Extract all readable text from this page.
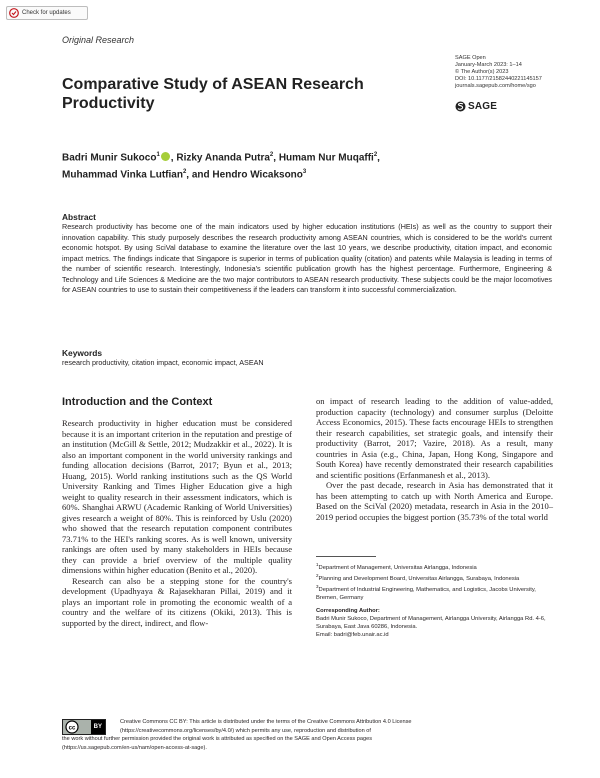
Check for updates
Original Research
SAGE Open
January-March 2023: 1–14
© The Author(s) 2023
DOI: 10.1177/21582440221145157
journals.sagepub.com/home/sgo
SAGE
Comparative Study of ASEAN Research
Productivity
Badri Munir Sukoco$^1$ , Rizky Ananda Putra$^2$, Humam Nur Muqaffi$^2$,
Muhammad Vinka Lutfian$^2$, and Hendro Wicaksono$^3$
Abstract
Research productivity has become one of the main indicators used by higher education institutions (HEIs) as well as the country to support their innovation capability. This study purposely describes the research productivity among ASEAN countries, which is considered to be the world's current economic hotspot. By using SciVal database to examine the literature over the last 10 years, we describe productivity, citation impact, and economic impact metrics. The findings indicate that Singapore is superior in terms of publication quality (citation) and patents while Malaysia is leading in terms of the number of scientific research. Interestingly, Indonesia's scientific publication growth has the highest percentage. Furthermore, Engineering & Technology and Life Sciences & Medicine are the two major contributors to ASEAN research productivity. These subjects could be the major locomotives for ASEAN countries to use to sustain their competitiveness if the leaders can transform it into successful commercialization.
Keywords
research productivity, citation impact, economic impact, ASEAN
Introduction and the Context

Research productivity in higher education must be considered because it is an important criterion in the reputation and prestige of an institution (McGill & Settle, 2012; Mudzakkir et al., 2022). It is also an important component in the world university rankings and funding allocation decisions (Barrot, 2017; Byun et al., 2013; Huang, 2015). World ranking institutions such as the QS World University Ranking and Times Higher Education give a high weight to quality research in their assessment indicators, which is 60%. Shanghai ARWU (Academic Ranking of World Universities) gives research a weight of 80%. This is reinforced by Uslu (2020) who showed that the research reputation component contributes 73.71% to the HEI's ranking scores. As is well known, university rankings are often used by many stakeholders in HEIs because they can provide a brief overview of the multiple quality dimensions within higher education (Benito et al., 2020).

Research can also be a stepping stone for the country's development (Upadhyaya & Rajasekharan Pillai, 2019) and it plays an important role in promoting the economic wealth of a country and the welfare of its citizens (Okiki, 2013). This is supported by the direct, indirect, and flow-

on impact of research leading to the addition of value-added, production capacity (technology) and consumer surplus (Deloitte Access Economics, 2015). These facts encourage HEIs to strengthen their research capabilities, set strategic goals, and intensify their productivity (Barrot, 2017; Vazire, 2018). As a result, many countries in Asia (e.g., China, Japan, Hong Kong, Singapore and South Korea) have recently demonstrated their research capabilities and scientific positions (Erfanmanesh et al., 2013).

Over the past decade, research in Asia has demonstrated that it has been attempting to catch up with North America and Europe. Based on the SciVal (2020) metadata, research in Asia in the 2010–2019 period occupies the biggest portion (35.73% of the total world

$^1$Department of Management, Universitas Airlangga, Indonesia

$^2$Planning and Development Board, Universitas Airlangga, Surabaya, Indonesia

$^3$Department of Industrial Engineering, Mathematics, and Logistics, Jacobs University, Bremen, Germany

Corresponding Author:

Badri Munir Sukoco, Department of Management, Airlangga University, Airlangga Rd. 4-6, Surabaya, East Java 60286, Indonesia.

Email: badri@feb.unair.ac.id

cc	BY
Creative Commons CC BY: This article is distributed under the terms of the Creative Commons Attribution 4.0 License
(https://creativecommons.org/licenses/by/4.0/) which permits any use, reproduction and distribution of
the work without further permission provided the original work is attributed as specified on the SAGE and Open Access pages
(https://us.sagepub.com/en-us/nam/open-access-at-sage).
